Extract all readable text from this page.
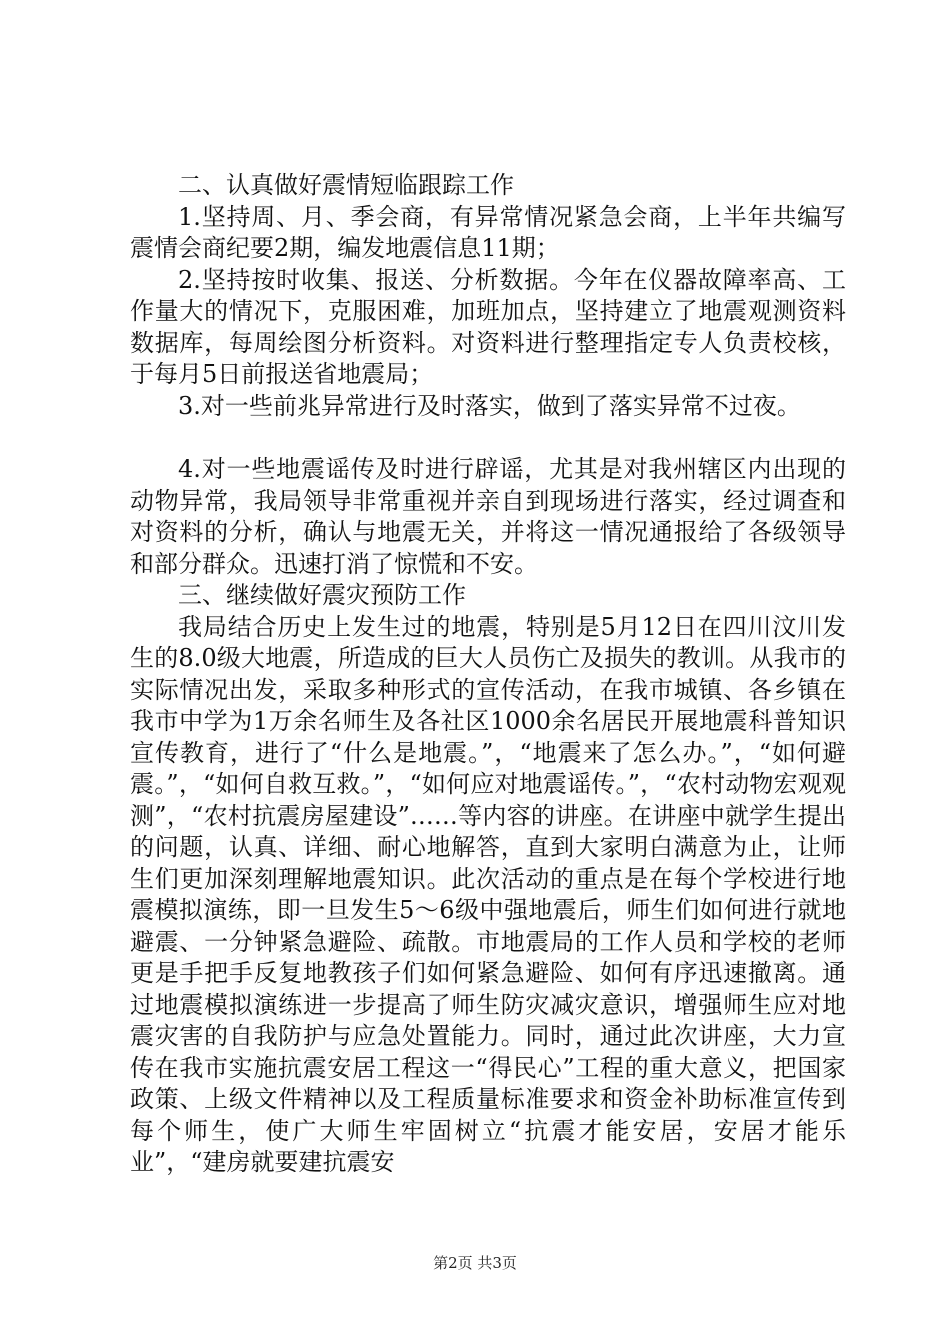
二、认真做好震情短临跟踪工作

1.坚持周、月、季会商，有异常情况紧急会商，上半年共编写震情会商纪要2期，编发地震信息11期；

2.坚持按时收集、报送、分析数据。今年在仪器故障率高、工作量大的情况下，克服困难，加班加点，坚持建立了地震观测资料数据库，每周绘图分析资料。对资料进行整理指定专人负责校核，于每月5日前报送省地震局；

3.对一些前兆异常进行及时落实，做到了落实异常不过夜。

4.对一些地震谣传及时进行辟谣，尤其是对我州辖区内出现的动物异常，我局领导非常重视并亲自到现场进行落实，经过调查和对资料的分析，确认与地震无关，并将这一情况通报给了各级领导和部分群众。迅速打消了惊慌和不安。

三、继续做好震灾预防工作

我局结合历史上发生过的地震，特别是5月12日在四川汶川发生的8.0级大地震，所造成的巨大人员伤亡及损失的教训。从我市的实际情况出发，采取多种形式的宣传活动，在我市城镇、各乡镇在我市中学为1万余名师生及各社区1000余名居民开展地震科普知识宣传教育，进行了“什么是地震。”，“地震来了怎么办。”，“如何避震。”，“如何自救互救。”，“如何应对地震谣传。”，“农村动物宏观观测”，“农村抗震房屋建设”……等内容的讲座。在讲座中就学生提出的问题，认真、详细、耐心地解答，直到大家明白满意为止，让师生们更加深刻理解地震知识。此次活动的重点是在每个学校进行地震模拟演练，即一旦发生5～6级中强地震后，师生们如何进行就地避震、一分钟紧急避险、疏散。市地震局的工作人员和学校的老师更是手把手反复地教孩子们如何紧急避险、如何有序迅速撤离。通过地震模拟演练进一步提高了师生防灾减灾意识，增强师生应对地震灾害的自我防护与应急处置能力。同时，通过此次讲座，大力宣传在我市实施抗震安居工程这一“得民心”工程的重大意义，把国家政策、上级文件精神以及工程质量标准要求和资金补助标准宣传到每个师生，使广大师生牢固树立“抗震才能安居，安居才能乐业”，“建房就要建抗震安

第2页 共3页
